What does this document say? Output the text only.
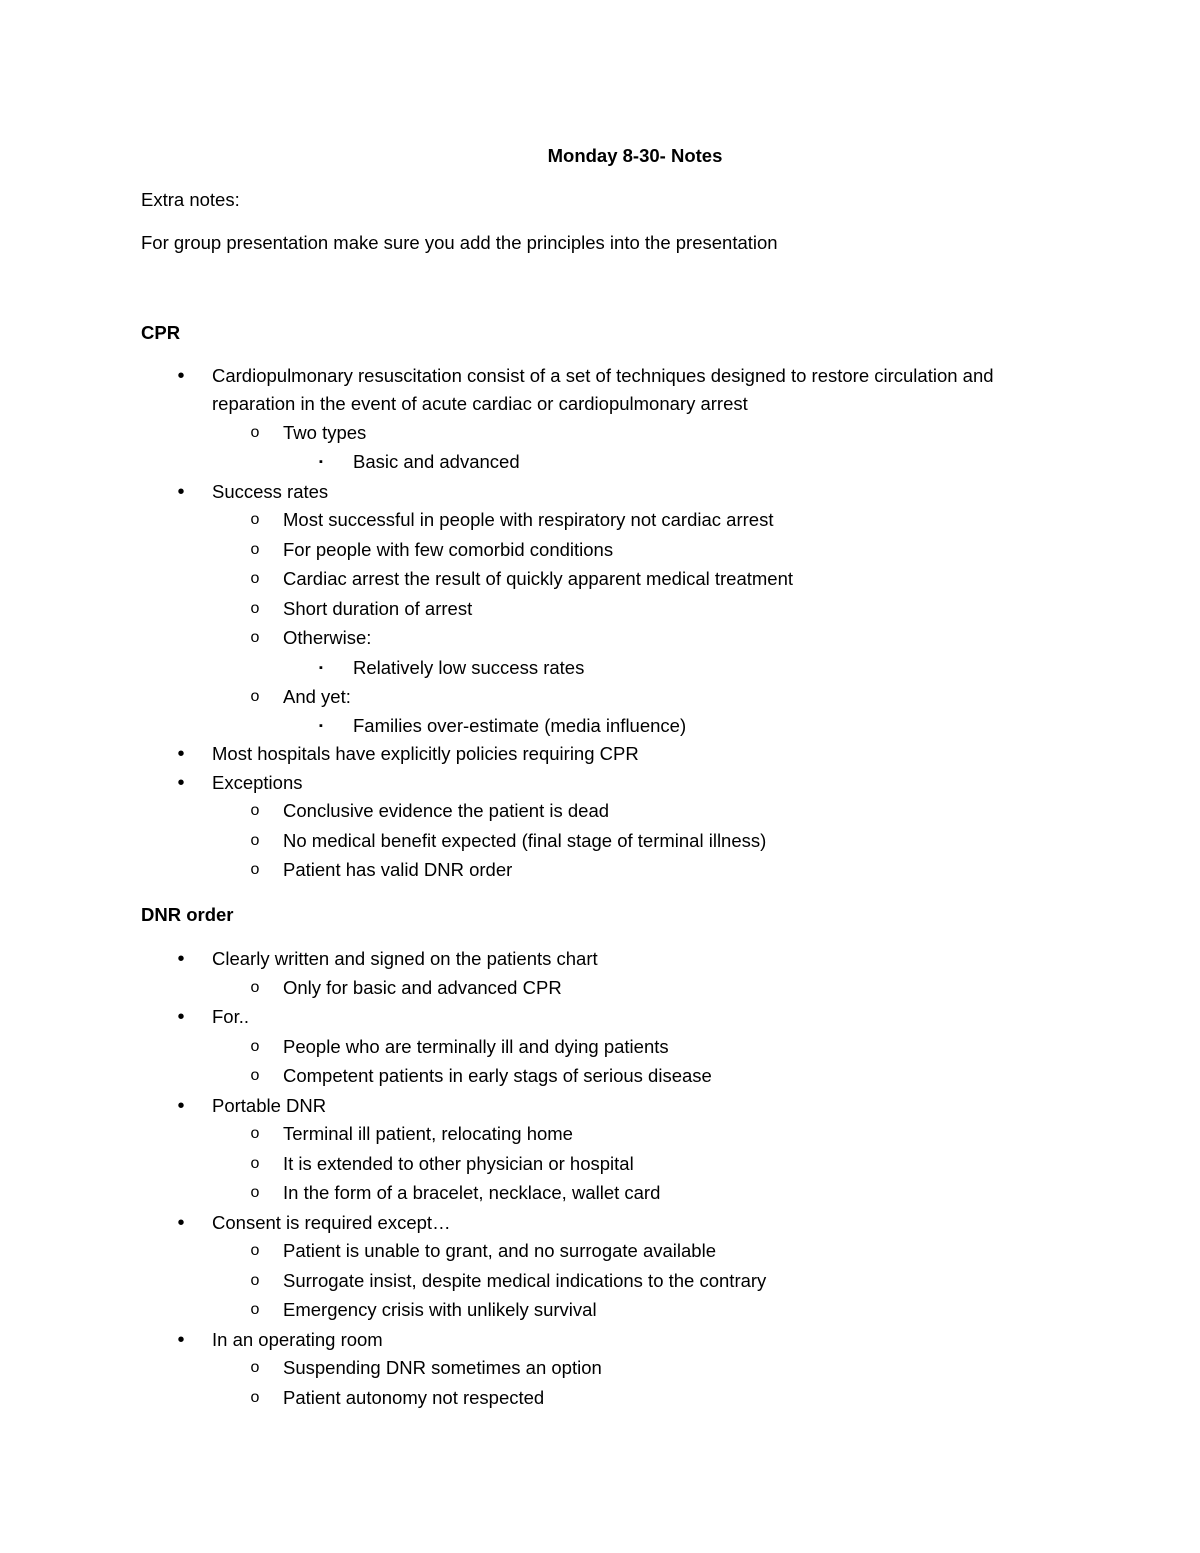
Monday 8-30- Notes
Extra notes:
For group presentation make sure you add the principles into the presentation
CPR
•	Cardiopulmonary resuscitation consist of a set of techniques designed to restore circulation and
reparation in the event of acute cardiac or cardiopulmonary arrest
o Two types
▪	Basic and advanced
•	Success rates
o Most successful in people with respiratory not cardiac arrest
o For people with few comorbid conditions
o Cardiac arrest the result of quickly apparent medical treatment
o Short duration of arrest
o Otherwise:
▪	Relatively low success rates
o And yet:
▪	Families over-estimate (media influence)
•	Most hospitals have explicitly policies requiring CPR
•	Exceptions
o Conclusive evidence the patient is dead
o No medical benefit expected (final stage of terminal illness)
o Patient has valid DNR order
DNR order
•	Clearly written and signed on the patients chart
o Only for basic and advanced CPR
•	For..
o People who are terminally ill and dying patients
o Competent patients in early stags of serious disease
•	Portable DNR
o Terminal ill patient, relocating home
o It is extended to other physician or hospital
o In the form of a bracelet, necklace, wallet card
•	Consent is required except…
o Patient is unable to grant, and no surrogate available
o Surrogate insist, despite medical indications to the contrary
o Emergency crisis with unlikely survival
•	In an operating room
o Suspending DNR sometimes an option
o Patient autonomy not respected
